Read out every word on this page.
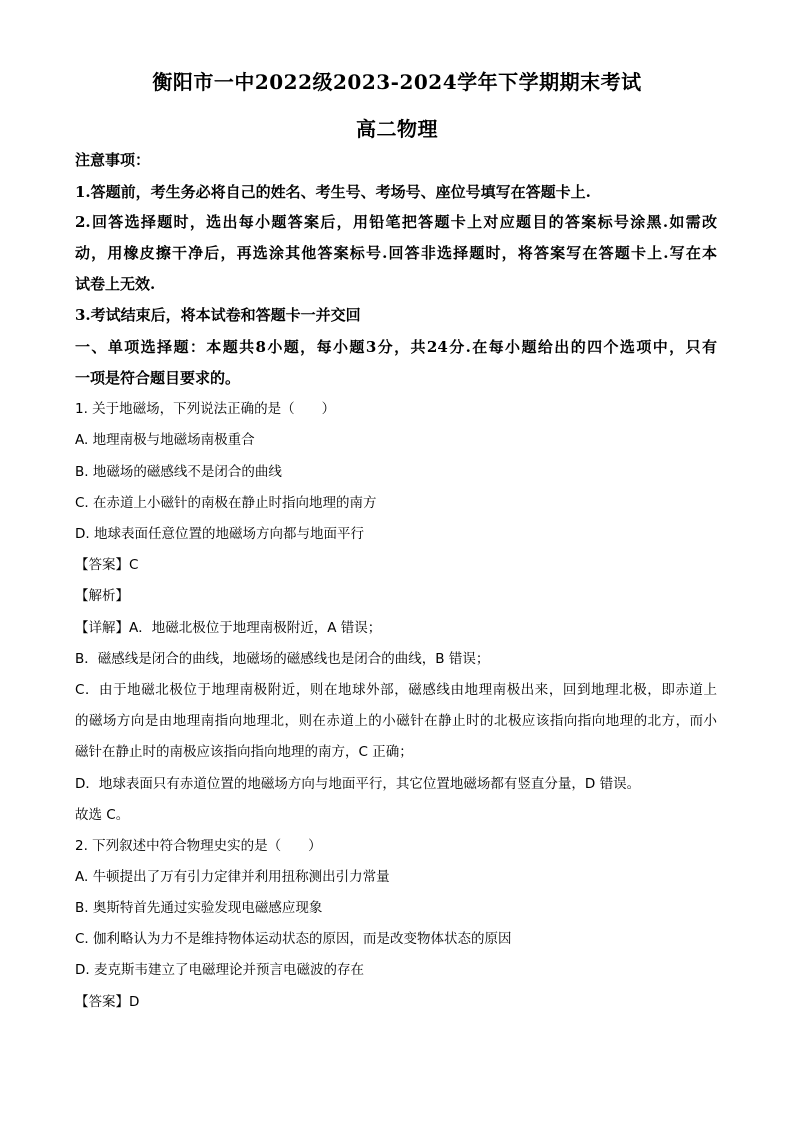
衡阳市一中2022级2023-2024学年下学期期末考试
高二物理
注意事项：
1.答题前，考生务必将自己的姓名、考生号、考场号、座位号填写在答题卡上.
2.回答选择题时，选出每小题答案后，用铅笔把答题卡上对应题目的答案标号涂黑.如需改
动，用橡皮擦干净后，再选涂其他答案标号.回答非选择题时，将答案写在答题卡上.写在本
试卷上无效.
3.考试结束后，将本试卷和答题卡一并交回
一、单项选择题：本题共8小题，每小题3分，共24分.在每小题给出的四个选项中，只有
一项是符合题目要求的。
1. 关于地磁场，下列说法正确的是（　　）
A. 地理南极与地磁场南极重合
B. 地磁场的磁感线不是闭合的曲线
C. 在赤道上小磁针的南极在静止时指向地理的南方
D. 地球表面任意位置的地磁场方向都与地面平行
【答案】C
【解析】
【详解】A．地磁北极位于地理南极附近，A 错误；
B．磁感线是闭合的曲线，地磁场的磁感线也是闭合的曲线，B 错误；
C．由于地磁北极位于地理南极附近，则在地球外部，磁感线由地理南极出来，回到地理北极，即赤道上
的磁场方向是由地理南指向地理北，则在赤道上的小磁针在静止时的北极应该指向指向地理的北方，而小
磁针在静止时的南极应该指向指向地理的南方，C 正确；
D．地球表面只有赤道位置的地磁场方向与地面平行，其它位置地磁场都有竖直分量，D 错误。
故选 C。
2. 下列叙述中符合物理史实的是（　　）
A. 牛顿提出了万有引力定律并利用扭称测出引力常量
B. 奥斯特首先通过实验发现电磁感应现象
C. 伽利略认为力不是维持物体运动状态的原因，而是改变物体状态的原因
D. 麦克斯韦建立了电磁理论并预言电磁波的存在
【答案】D
